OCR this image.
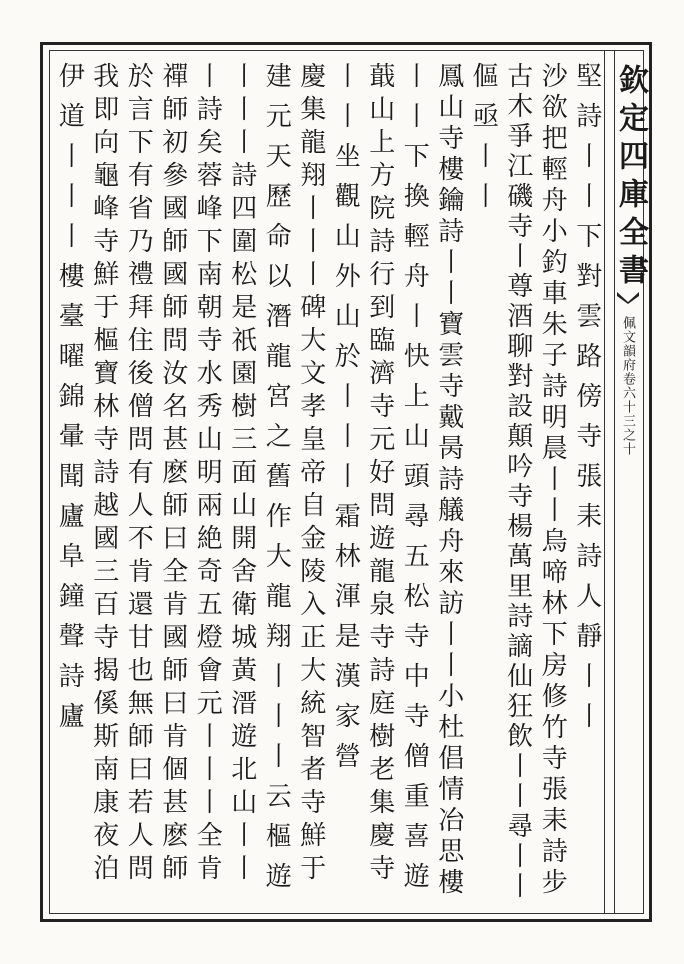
欽定四庫全書
佩文韻府卷六十三之十
堅詩丨丨下對雲路傍寺張耒詩人靜丨丨
沙欲把輕舟小釣車朱子詩明晨丨丨烏啼林下房修竹寺張耒詩步
古木爭江磯寺丨尊酒聊對設顛吟寺楊萬里詩謫仙狂飲丨丨尋丨丨
傴亟丨丨
鳳山寺樓鑰詩丨丨寶雲寺戴昺詩艤舟來訪丨丨小杜倡情冶思樓
丨丨下換輕舟丨快上山頭尋五松寺中寺僧重喜遊
蕺山上方院詩行到臨濟寺元好問遊龍泉寺詩庭樹老集慶寺
丨丨坐觀山外山於丨丨丨霜林渾是漢家營
慶集龍翔丨丨丨碑大文孝皇帝自金陵入正大統智者寺鮮于
建元天歷命以潛龍宮之舊作大龍翔丨丨丨云樞遊
丨丨丨詩四圍松是祇園樹三面山開舍衛城黃溍遊北山丨丨
丨詩矣蓉峰下南朝寺水秀山明兩絶奇五燈會元丨丨丨全肯
禪師初參國師國師問汝名甚麽師曰全肯國師曰肯個甚麽師
於言下有省乃禮拜住後僧問有人不肯還甘也無師曰若人問
我即向龜峰寺鮮于樞寶林寺詩越國三百寺揭傒斯南康夜泊
伊道丨丨丨樓臺曜錦暈聞廬阜鐘聲詩廬
